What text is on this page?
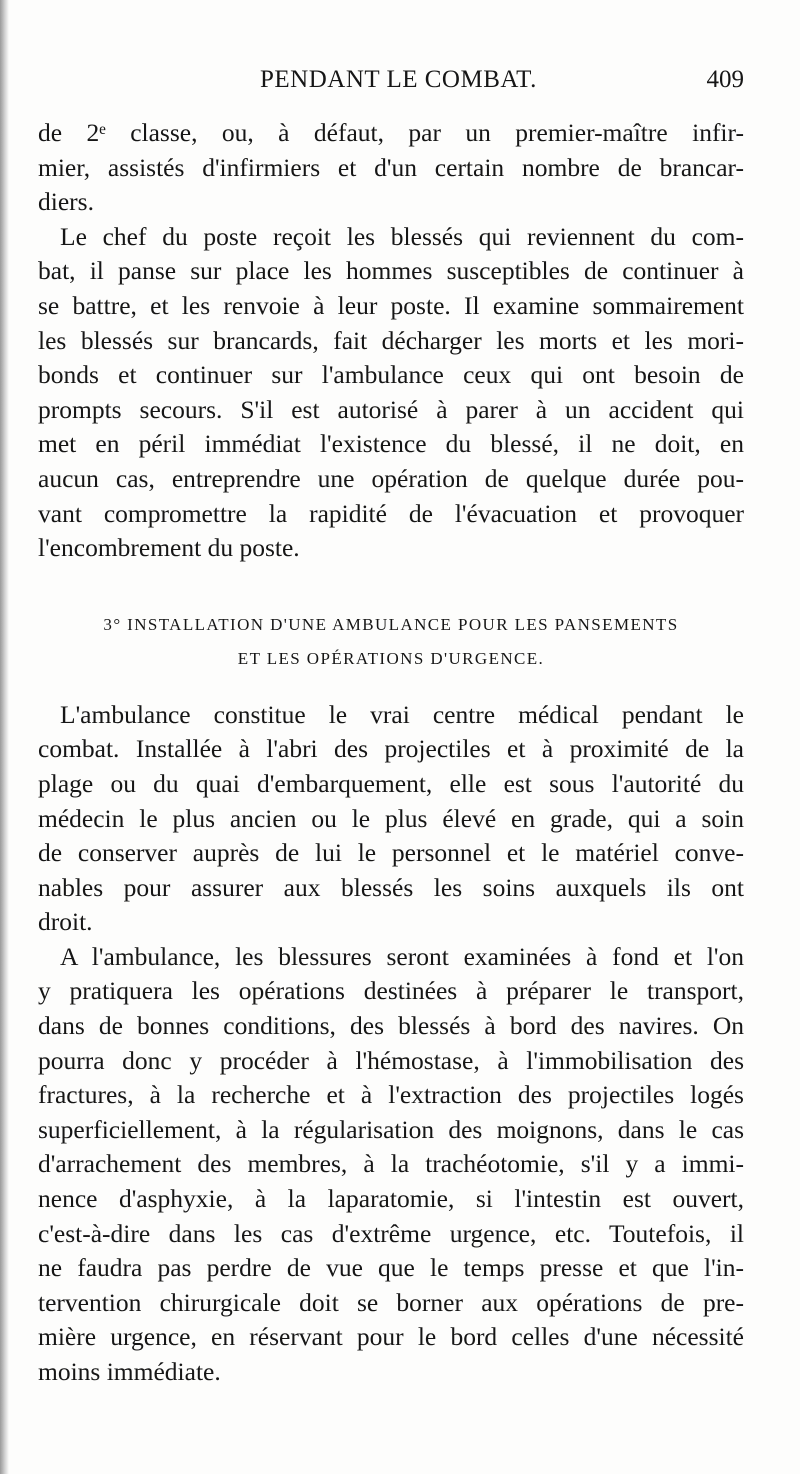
PENDANT LE COMBAT.	409
de 2ᵉ classe, ou, à défaut, par un premier-maître infir-
mier, assistés d'infirmiers et d'un certain nombre de brancar-
diers.
Le chef du poste reçoit les blessés qui reviennent du com-
bat, il panse sur place les hommes susceptibles de continuer à
se battre, et les renvoie à leur poste. Il examine sommairement
les blessés sur brancards, fait décharger les morts et les mori-
bonds et continuer sur l'ambulance ceux qui ont besoin de
prompts secours. S'il est autorisé à parer à un accident qui
met en péril immédiat l'existence du blessé, il ne doit, en
aucun cas, entreprendre une opération de quelque durée pou-
vant compromettre la rapidité de l'évacuation et provoquer
l'encombrement du poste.
3° INSTALLATION D'UNE AMBULANCE POUR LES PANSEMENTS
ET LES OPÉRATIONS D'URGENCE.
L'ambulance constitue le vrai centre médical pendant le
combat. Installée à l'abri des projectiles et à proximité de la
plage ou du quai d'embarquement, elle est sous l'autorité du
médecin le plus ancien ou le plus élevé en grade, qui a soin
de conserver auprès de lui le personnel et le matériel conve-
nables pour assurer aux blessés les soins auxquels ils ont
droit.
A l'ambulance, les blessures seront examinées à fond et l'on
y pratiquera les opérations destinées à préparer le transport,
dans de bonnes conditions, des blessés à bord des navires. On
pourra donc y procéder à l'hémostase, à l'immobilisation des
fractures, à la recherche et à l'extraction des projectiles logés
superficiellement, à la régularisation des moignons, dans le cas
d'arrachement des membres, à la trachéotomie, s'il y a immi-
nence d'asphyxie, à la laparatomie, si l'intestin est ouvert,
c'est-à-dire dans les cas d'extrême urgence, etc. Toutefois, il
ne faudra pas perdre de vue que le temps presse et que l'in-
tervention chirurgicale doit se borner aux opérations de pre-
mière urgence, en réservant pour le bord celles d'une nécessité
moins immédiate.
